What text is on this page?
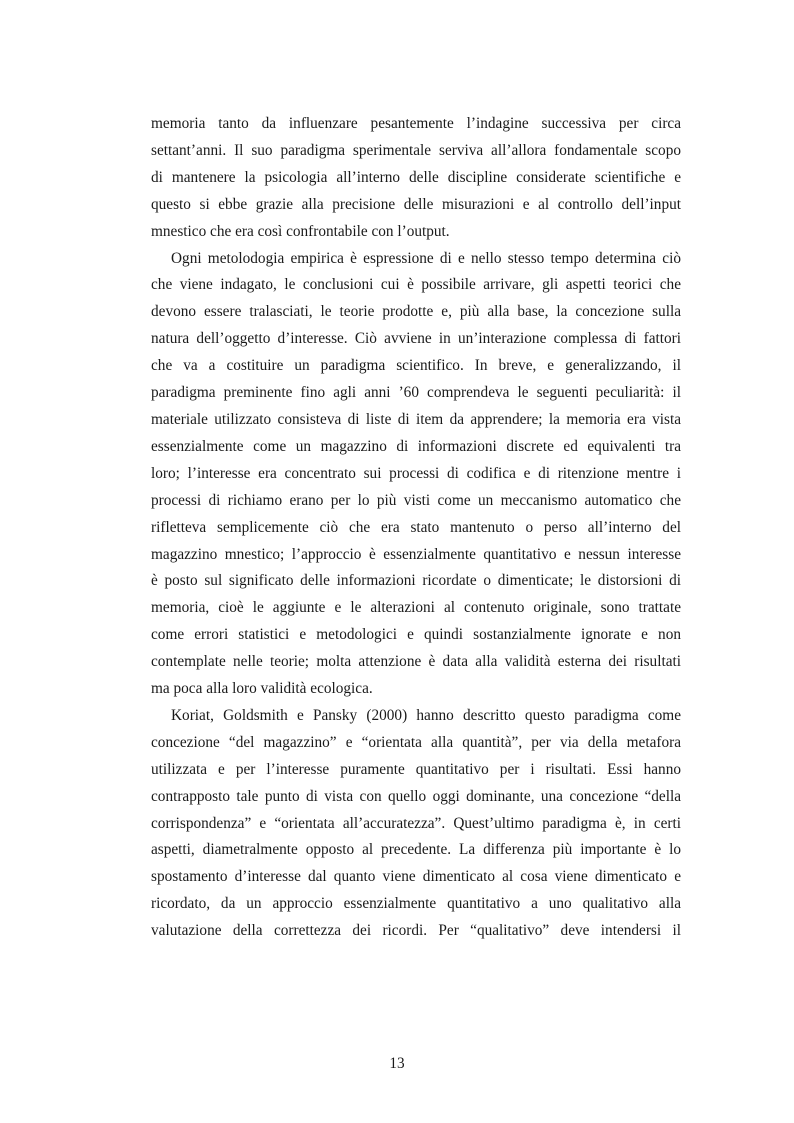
memoria tanto da influenzare pesantemente l’indagine successiva per circa
settant’anni. Il suo paradigma sperimentale serviva all’allora fondamentale scopo
di mantenere la psicologia all’interno delle discipline considerate scientifiche e
questo si ebbe grazie alla precisione delle misurazioni e al controllo dell’input
mnestico che era così confrontabile con l’output.

Ogni metolodogia empirica è espressione di e nello stesso tempo determina ciò
che viene indagato, le conclusioni cui è possibile arrivare, gli aspetti teorici che
devono essere tralasciati, le teorie prodotte e, più alla base, la concezione sulla
natura dell’oggetto d’interesse. Ciò avviene in un’interazione complessa di fattori
che va a costituire un paradigma scientifico. In breve, e generalizzando, il
paradigma preminente fino agli anni ’60 comprendeva le seguenti peculiarità: il
materiale utilizzato consisteva di liste di item da apprendere; la memoria era vista
essenzialmente come un magazzino di informazioni discrete ed equivalenti tra
loro; l’interesse era concentrato sui processi di codifica e di ritenzione mentre i
processi di richiamo erano per lo più visti come un meccanismo automatico che
rifletteva semplicemente ciò che era stato mantenuto o perso all’interno del
magazzino mnestico; l’approccio è essenzialmente quantitativo e nessun interesse
è posto sul significato delle informazioni ricordate o dimenticate; le distorsioni di
memoria, cioè le aggiunte e le alterazioni al contenuto originale, sono trattate
come errori statistici e metodologici e quindi sostanzialmente ignorate e non
contemplate nelle teorie; molta attenzione è data alla validità esterna dei risultati
ma poca alla loro validità ecologica.

Koriat, Goldsmith e Pansky (2000) hanno descritto questo paradigma come
concezione “del magazzino” e “orientata alla quantità”, per via della metafora
utilizzata e per l’interesse puramente quantitativo per i risultati. Essi hanno
contrapposto tale punto di vista con quello oggi dominante, una concezione “della
corrispondenza” e “orientata all’accuratezza”. Quest’ultimo paradigma è, in certi
aspetti, diametralmente opposto al precedente. La differenza più importante è lo
spostamento d’interesse dal quanto viene dimenticato al cosa viene dimenticato e
ricordato, da un approccio essenzialmente quantitativo a uno qualitativo alla
valutazione della correttezza dei ricordi. Per “qualitativo” deve intendersi il

13
